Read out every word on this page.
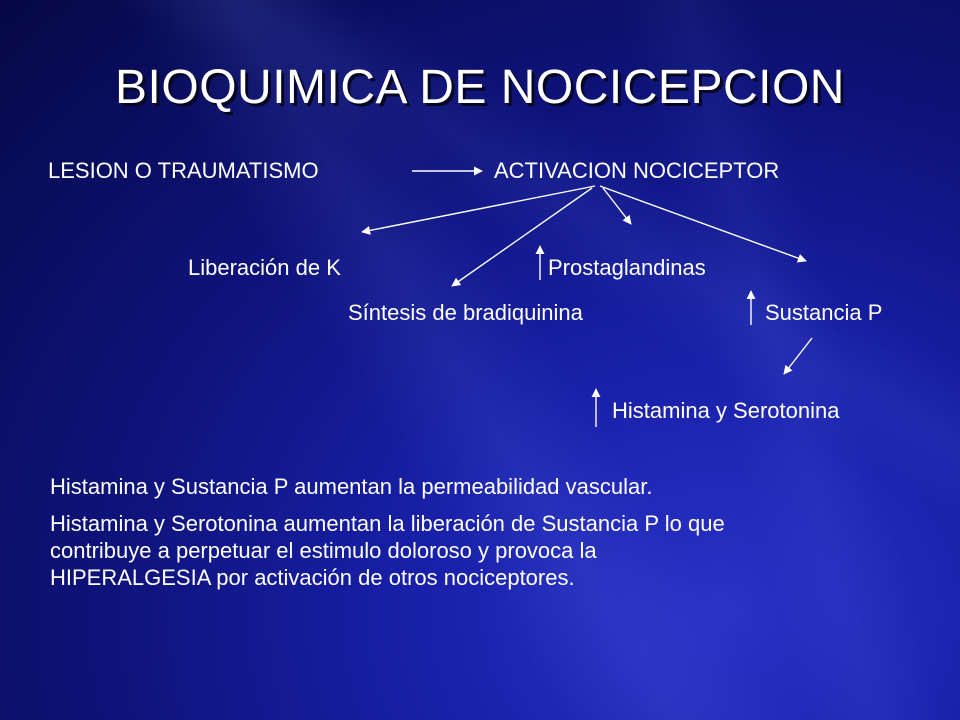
BIOQUIMICA DE NOCICEPCION
LESION O TRAUMATISMO	ACTIVACION NOCICEPTOR
Liberación de K	Prostaglandinas
Síntesis de bradiquinina	Sustancia P
Histamina y Serotonina

Histamina y Sustancia P aumentan la permeabilidad vascular.

Histamina y Serotonina aumentan la liberación de Sustancia P lo que contribuye a perpetuar el estimulo doloroso y provoca la HIPERALGESIA por activación de otros nociceptores.
